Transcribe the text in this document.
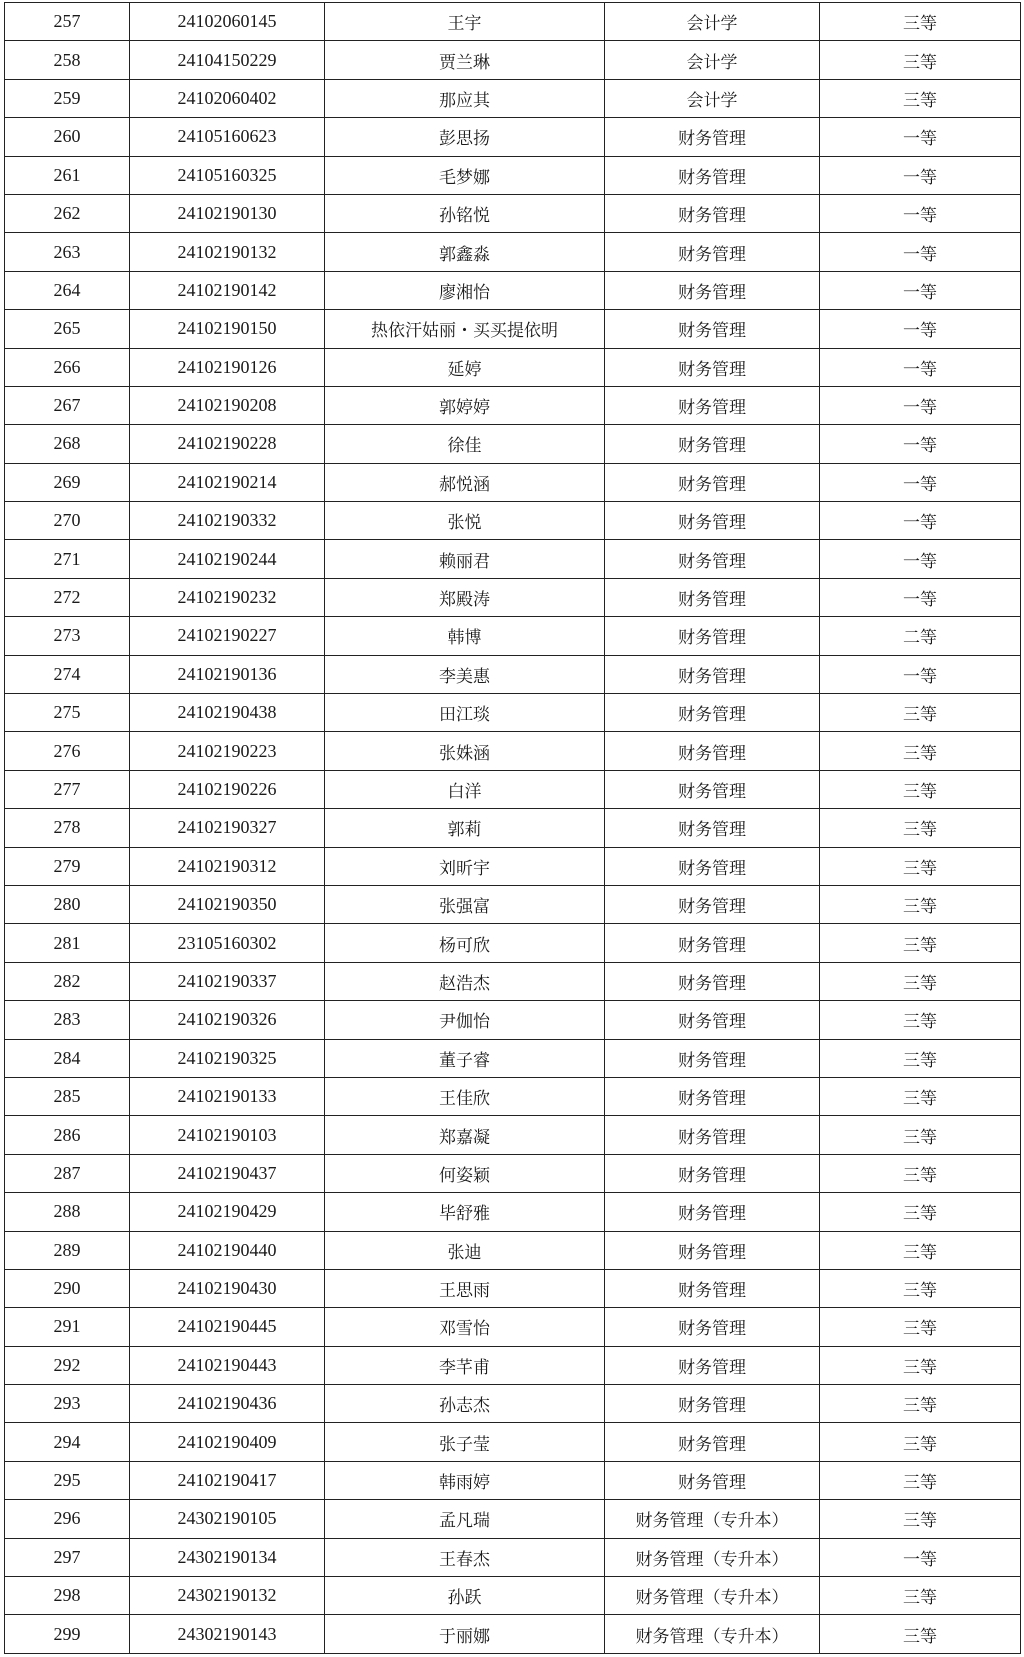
257	24102060145	王宇	会计学	三等
258	24104150229	贾兰琳	会计学	三等
259	24102060402	那应其	会计学	三等
260	24105160623	彭思扬	财务管理	一等
261	24105160325	毛梦娜	财务管理	一等
262	24102190130	孙铭悦	财务管理	一等
263	24102190132	郭鑫淼	财务管理	一等
264	24102190142	廖湘怡	财务管理	一等
265	24102190150	热依汗姑丽・买买提依明	财务管理	一等
266	24102190126	延婷	财务管理	一等
267	24102190208	郭婷婷	财务管理	一等
268	24102190228	徐佳	财务管理	一等
269	24102190214	郝悦涵	财务管理	一等
270	24102190332	张悦	财务管理	一等
271	24102190244	赖丽君	财务管理	一等
272	24102190232	郑殿涛	财务管理	一等
273	24102190227	韩博	财务管理	二等
274	24102190136	李美惠	财务管理	一等
275	24102190438	田江琰	财务管理	三等
276	24102190223	张姝涵	财务管理	三等
277	24102190226	白洋	财务管理	三等
278	24102190327	郭莉	财务管理	三等
279	24102190312	刘昕宇	财务管理	三等
280	24102190350	张强富	财务管理	三等
281	23105160302	杨可欣	财务管理	三等
282	24102190337	赵浩杰	财务管理	三等
283	24102190326	尹伽怡	财务管理	三等
284	24102190325	董子睿	财务管理	三等
285	24102190133	王佳欣	财务管理	三等
286	24102190103	郑嘉凝	财务管理	三等
287	24102190437	何姿颖	财务管理	三等
288	24102190429	毕舒雅	财务管理	三等
289	24102190440	张迪	财务管理	三等
290	24102190430	王思雨	财务管理	三等
291	24102190445	邓雪怡	财务管理	三等
292	24102190443	李芊甫	财务管理	三等
293	24102190436	孙志杰	财务管理	三等
294	24102190409	张子莹	财务管理	三等
295	24102190417	韩雨婷	财务管理	三等
296	24302190105	孟凡瑞	财务管理（专升本）	三等
297	24302190134	王春杰	财务管理（专升本）	一等
298	24302190132	孙跃	财务管理（专升本）	三等
299	24302190143	于丽娜	财务管理（专升本）	三等
